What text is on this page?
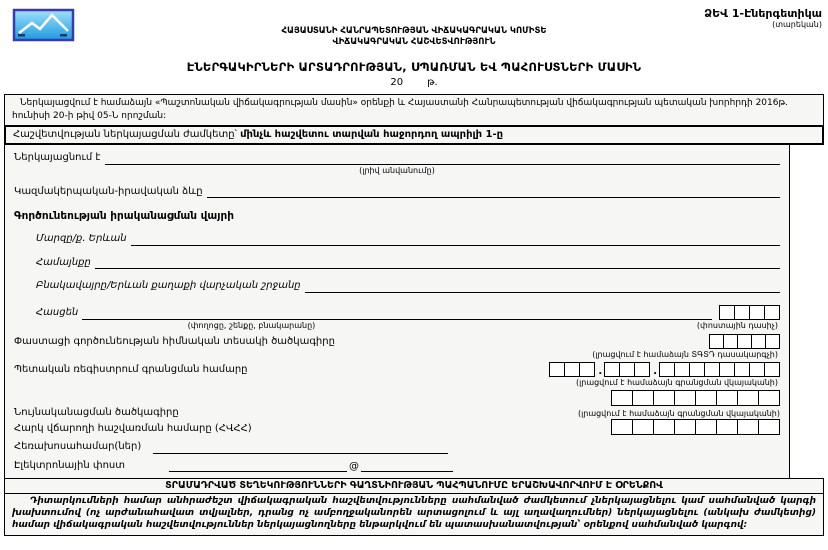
ՀԱՅԱՍՏԱՆԻ ՀԱՆՐԱՊԵՏՈՒԹՅԱՆ ՎԻՃԱԿԱԳՐԱԿԱՆ ԿՈՄԻՏԵ
ՎԻՃԱԿԱԳՐԱԿԱՆ ՀԱՇՎԵՏՎՈՒԹՅՈՒՆ
ՁԵՎ 1-Էներգետիկա
(տարեկան)
ԷՆԵՐԳԱԿԻՐՆԵՐԻ ԱՐՏԱԴՐՈՒԹՅԱՆ, ՍՊԱՌՄԱՆ ԵՎ ՊԱՀՈՒՍՏՆԵՐԻ ՄԱՍԻՆ
20 թ.
Ներկայացվում է համաձայն «Պաշտոնական վիճակագրության մասին» օրենքի և Հայաստանի Հանրապետության վիճակագրության պետական խորհրդի 2016թ. հունիսի 20-ի թիվ 05-Ն որոշման:
Հաշվետվության ներկայացման ժամկետը՝ մինչև հաշվետու տարվան հաջորդող ապրիլի 1-ը
Ներկայացնում է
(լրիվ անվանումը)
Կազմակերպական-իրավական ձևը
Գործունեության իրականացման վայրի
Մարզը/ք. Երևան
Համայնքը
Բնակավայրը/Երևան քաղաքի վարչական շրջանը
Հասցեն
(փողոցը, շենքը, բնակարանը)	(փոստային դասիչ)
Փաստացի գործունեության հիմնական տեսակի ծածկագիրը
(լրացվում է համաձայն ՏԳՏԴ դասակարգչի)
Պետական ռեգիստրում գրանցման համարը	.	.
(լրացվում է համաձայն գրանցման վկայականի)
Նույնականացման ծածկագիրը	(լրացվում է համաձայն գրանցման վկայականի)
Հարկ վճարողի հաշվառման համարը (ՀՎՀՀ)
Հեռախոսահամար(ներ)
Էլեկտրոնային փոստ	@
ՏՐԱՄԱԴՐՎԱԾ ՏԵՂԵԿՈՒԹՅՈՒՆՆԵՐԻ ԳԱՂՏՆԻՈՒԹՅԱՆ ՊԱՀՊԱՆՈՒՄԸ ԵՐԱՇԽԱՎՈՐՎՈՒՄ Է ՕՐԵՆՔՈՎ
Դիտարկումների համար անհրաժեշտ վիճակագրական հաշվետվությունները սահմանված ժամկետում չներկայացնելու կամ սահմանված կարգի խախտումով (ոչ արժանահավատ տվյալներ, դրանց ոչ ամբողջականորեն արտացոլում և այլ աղավաղումներ) ներկայացնելու (անկախ ժամկետից) համար վիճակագրական հաշվետվություններ ներկայացնողները ենթարկվում են պատասխանատվության՝ օրենքով սահմանված կարգով:
